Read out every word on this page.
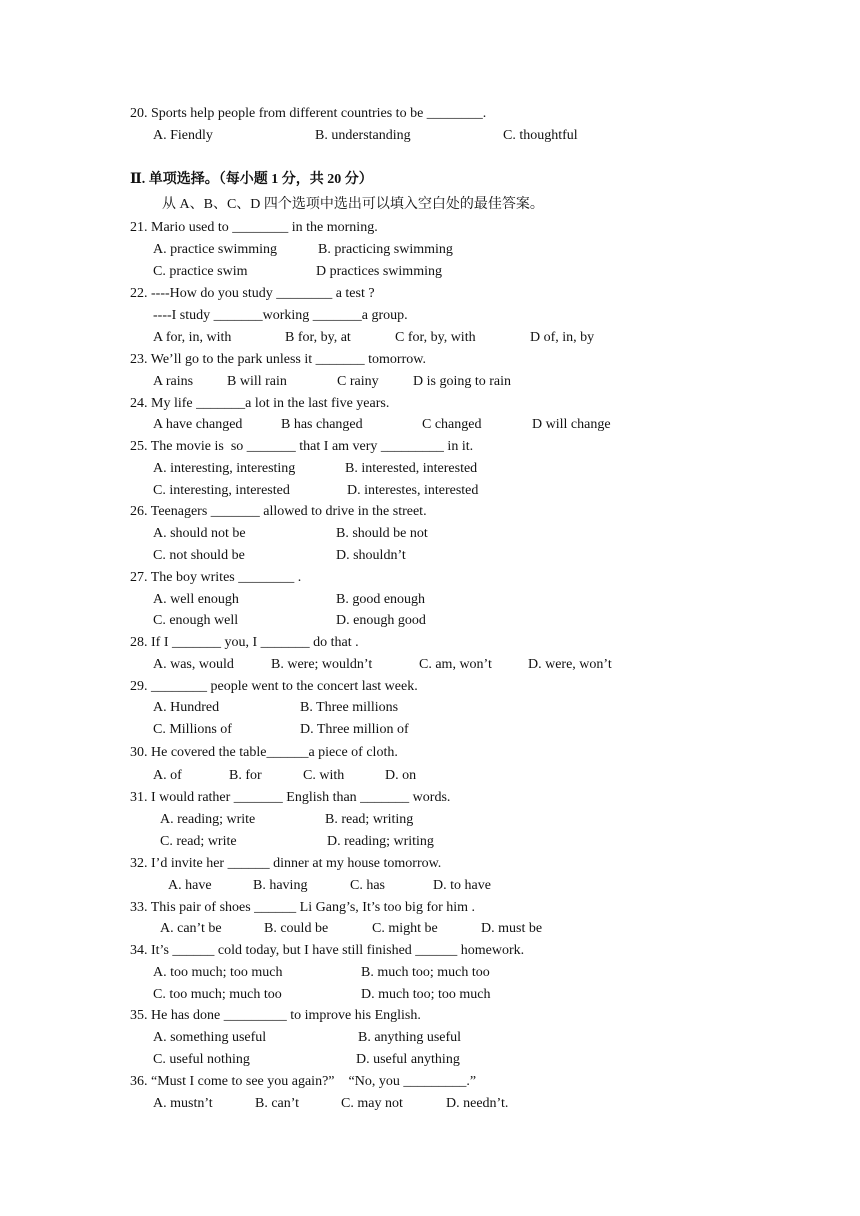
20. Sports help people from different countries to be ________.
A. Fiendly	B. understanding	C. thoughtful
Ⅱ. 单项选择。（每小题 1 分，共 20 分）
从 A、B、C、D 四个选项中选出可以填入空白处的最佳答案。
21. Mario used to ________ in the morning.
A. practice swimming	B. practicing swimming
C. practice swim	D practices swimming
22. ----How do you study ________ a test ?
----I study _______working _______a group.
A for, in, with	B for, by, at	C for, by, with	D of, in, by
23. We’ll go to the park unless it _______ tomorrow.
A rains B will rain	C rainy D is going to rain
24. My life _______a lot in the last five years.
A have changed	B has changed	C changed	D will change
25. The movie is  so _______ that I am very _________ in it.
A. interesting, interesting	B. interested, interested
C. interesting, interested	D. interestes, interested
26. Teenagers _______ allowed to drive in the street.
A. should not be	B. should be not
C. not should be	D. shouldn’t
27. The boy writes ________ .
A. well enough	B. good enough
C. enough well	D. enough good
28. If I _______ you, I _______ do that .
A. was, would	B. were; wouldn’t	C. am, won’t	D. were, won’t
29. ________ people went to the concert last week.
A. Hundred	B. Three millions
C. Millions of	D. Three million of
30. He covered the table______a piece of cloth.
A. of	B. for	C. with	D. on
31. I would rather _______ English than _______ words.
A. reading; write	B. read; writing
C. read; write	D. reading; writing
32. I’d invite her ______ dinner at my house tomorrow.
A. have	B. having	C. has	D. to have
33. This pair of shoes ______ Li Gang’s, It’s too big for him .
A. can’t be	B. could be	C. might be	D. must be
34. It’s ______ cold today, but I have still finished ______ homework.
A. too much; too much	B. much too; much too
C. too much; much too	D. much too; too much
35. He has done _________ to improve his English.
A. something useful	B. anything useful
C. useful nothing	D. useful anything
36. “Must I come to see you again?”    “No, you _________.”
A. mustn’t	B. can’t	C. may not	D. needn’t.
